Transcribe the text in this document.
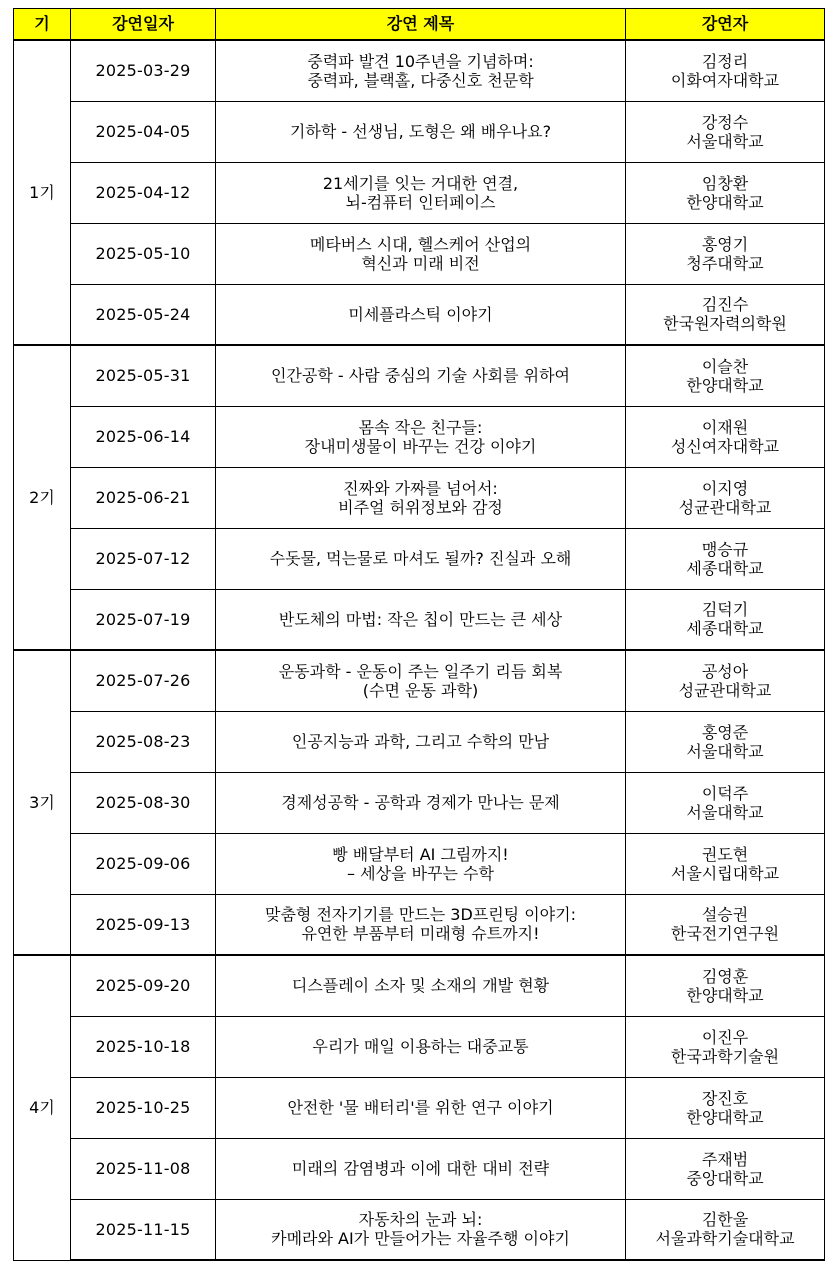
기	강연일자	강연 제목	강연자
1기	2025-03-29	중력파 발견 10주년을 기념하며:
중력파, 블랙홀, 다중신호 천문학	김정리
이화여자대학교

	2025-04-05	기하학 - 선생님, 도형은 왜 배우나요?	강정수
서울대학교

	2025-04-12	21세기를 잇는 거대한 연결,
뇌-컴퓨터 인터페이스	임창환
한양대학교

	2025-05-10	메타버스 시대, 헬스케어 산업의
혁신과 미래 비전	홍영기
청주대학교

	2025-05-24	미세플라스틱 이야기	김진수
한국원자력의학원

2기	2025-05-31	인간공학 - 사람 중심의 기술 사회를 위하여	이슬찬
한양대학교

	2025-06-14	몸속 작은 친구들:
장내미생물이 바꾸는 건강 이야기	이재원
성신여자대학교

	2025-06-21	진짜와 가짜를 넘어서:
비주얼 허위정보와 감정	이지영
성균관대학교

	2025-07-12	수돗물, 먹는물로 마셔도 될까? 진실과 오해	맹승규
세종대학교

	2025-07-19	반도체의 마법: 작은 칩이 만드는 큰 세상	김덕기
세종대학교

3기	2025-07-26	운동과학 - 운동이 주는 일주기 리듬 회복
(수면 운동 과학)	공성아
성균관대학교

	2025-08-23	인공지능과 과학, 그리고 수학의 만남	홍영준
서울대학교

	2025-08-30	경제성공학 - 공학과 경제가 만나는 문제	이덕주
서울대학교

	2025-09-06	빵 배달부터 AI 그림까지!
– 세상을 바꾸는 수학	권도현
서울시립대학교

	2025-09-13	맞춤형 전자기기를 만드는 3D프린팅 이야기:
유연한 부품부터 미래형 슈트까지!	설승권
한국전기연구원

4기	2025-09-20	디스플레이 소자 및 소재의 개발 현황	김영훈
한양대학교

	2025-10-18	우리가 매일 이용하는 대중교통	이진우
한국과학기술원

	2025-10-25	안전한 '물 배터리'를 위한 연구 이야기	장진호
한양대학교

	2025-11-08	미래의 감염병과 이에 대한 대비 전략	주재범
중앙대학교

	2025-11-15	자동차의 눈과 뇌:
카메라와 AI가 만들어가는 자율주행 이야기	김한울
서울과학기술대학교
